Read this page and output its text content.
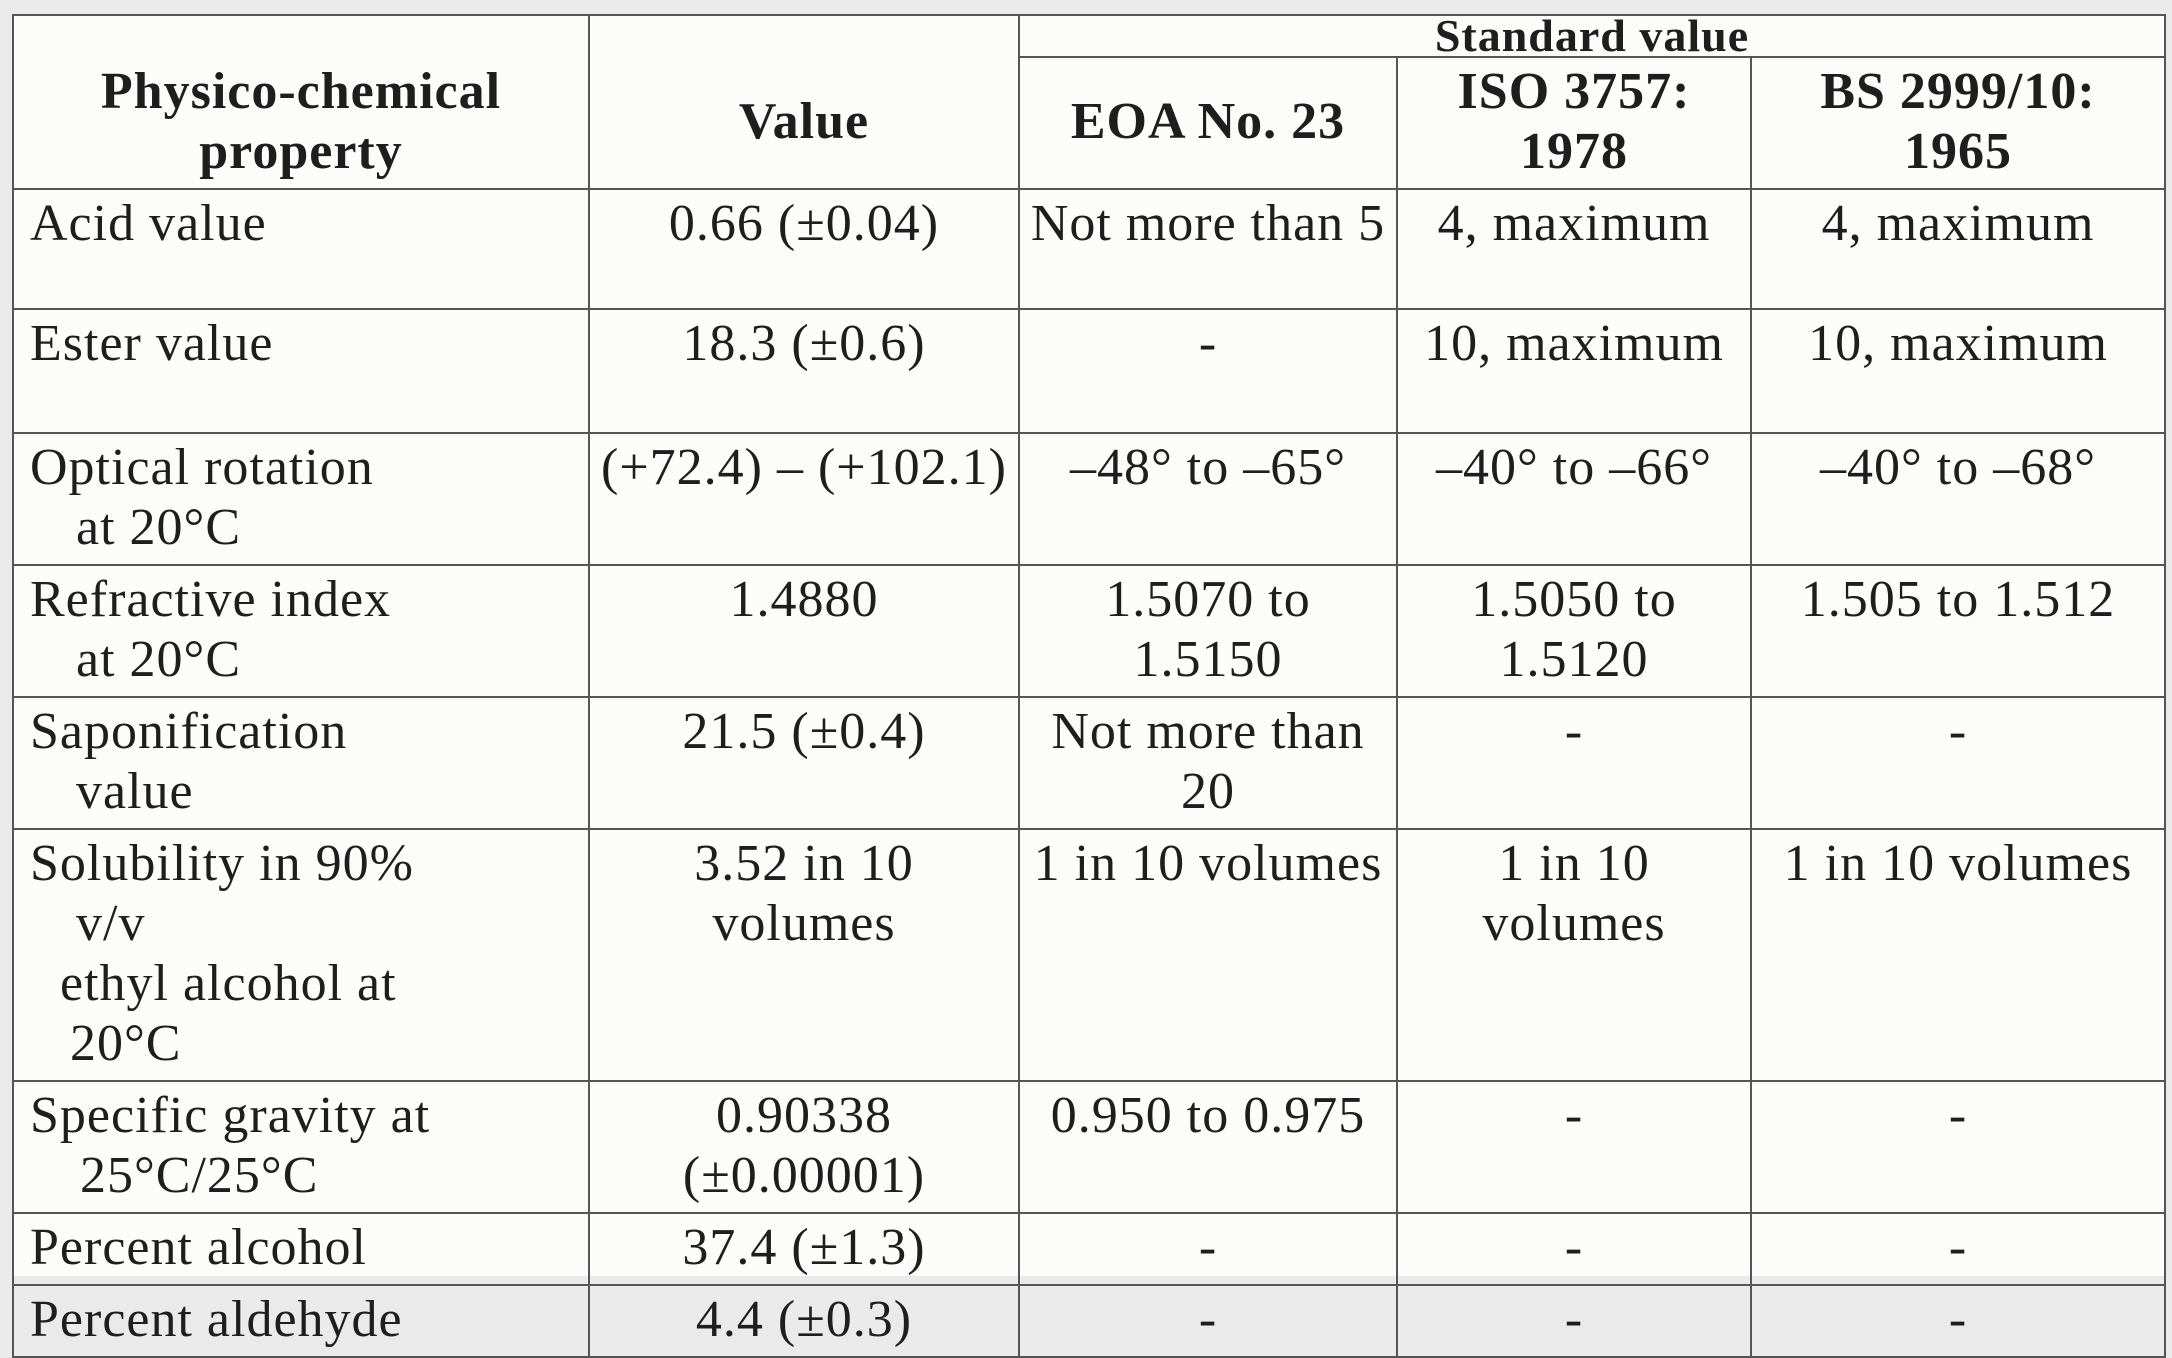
Physico-chemical property	Value	Standard value		
		EOA No. 23	ISO 3757: 1978	BS 2999/10: 1965
Acid value	0.66 (±0.04)	Not more than 5	4, maximum	4, maximum
Ester value	18.3 (±0.6)	-	10, maximum	10, maximum
Optical rotation
at 20°C	(+72.4) – (+102.1)	–48° to –65°	–40° to –66°	–40° to –68°
Refractive index
at 20°C	1.4880	1.5070 to 1.5150	1.5050 to 1.5120	1.505 to 1.512
Saponification
value	21.5 (±0.4)	Not more than 20	-	-
Solubility in 90%
v/v
ethyl alcohol at
20°C	3.52 in 10 volumes	1 in 10 volumes	1 in 10 volumes	1 in 10 volumes
Specific gravity at
25°C/25°C	0.90338 (±0.00001)	0.950 to 0.975	-	-
Percent alcohol	37.4 (±1.3)	-	-	-
Percent aldehyde	4.4 (±0.3)	-	-	-
